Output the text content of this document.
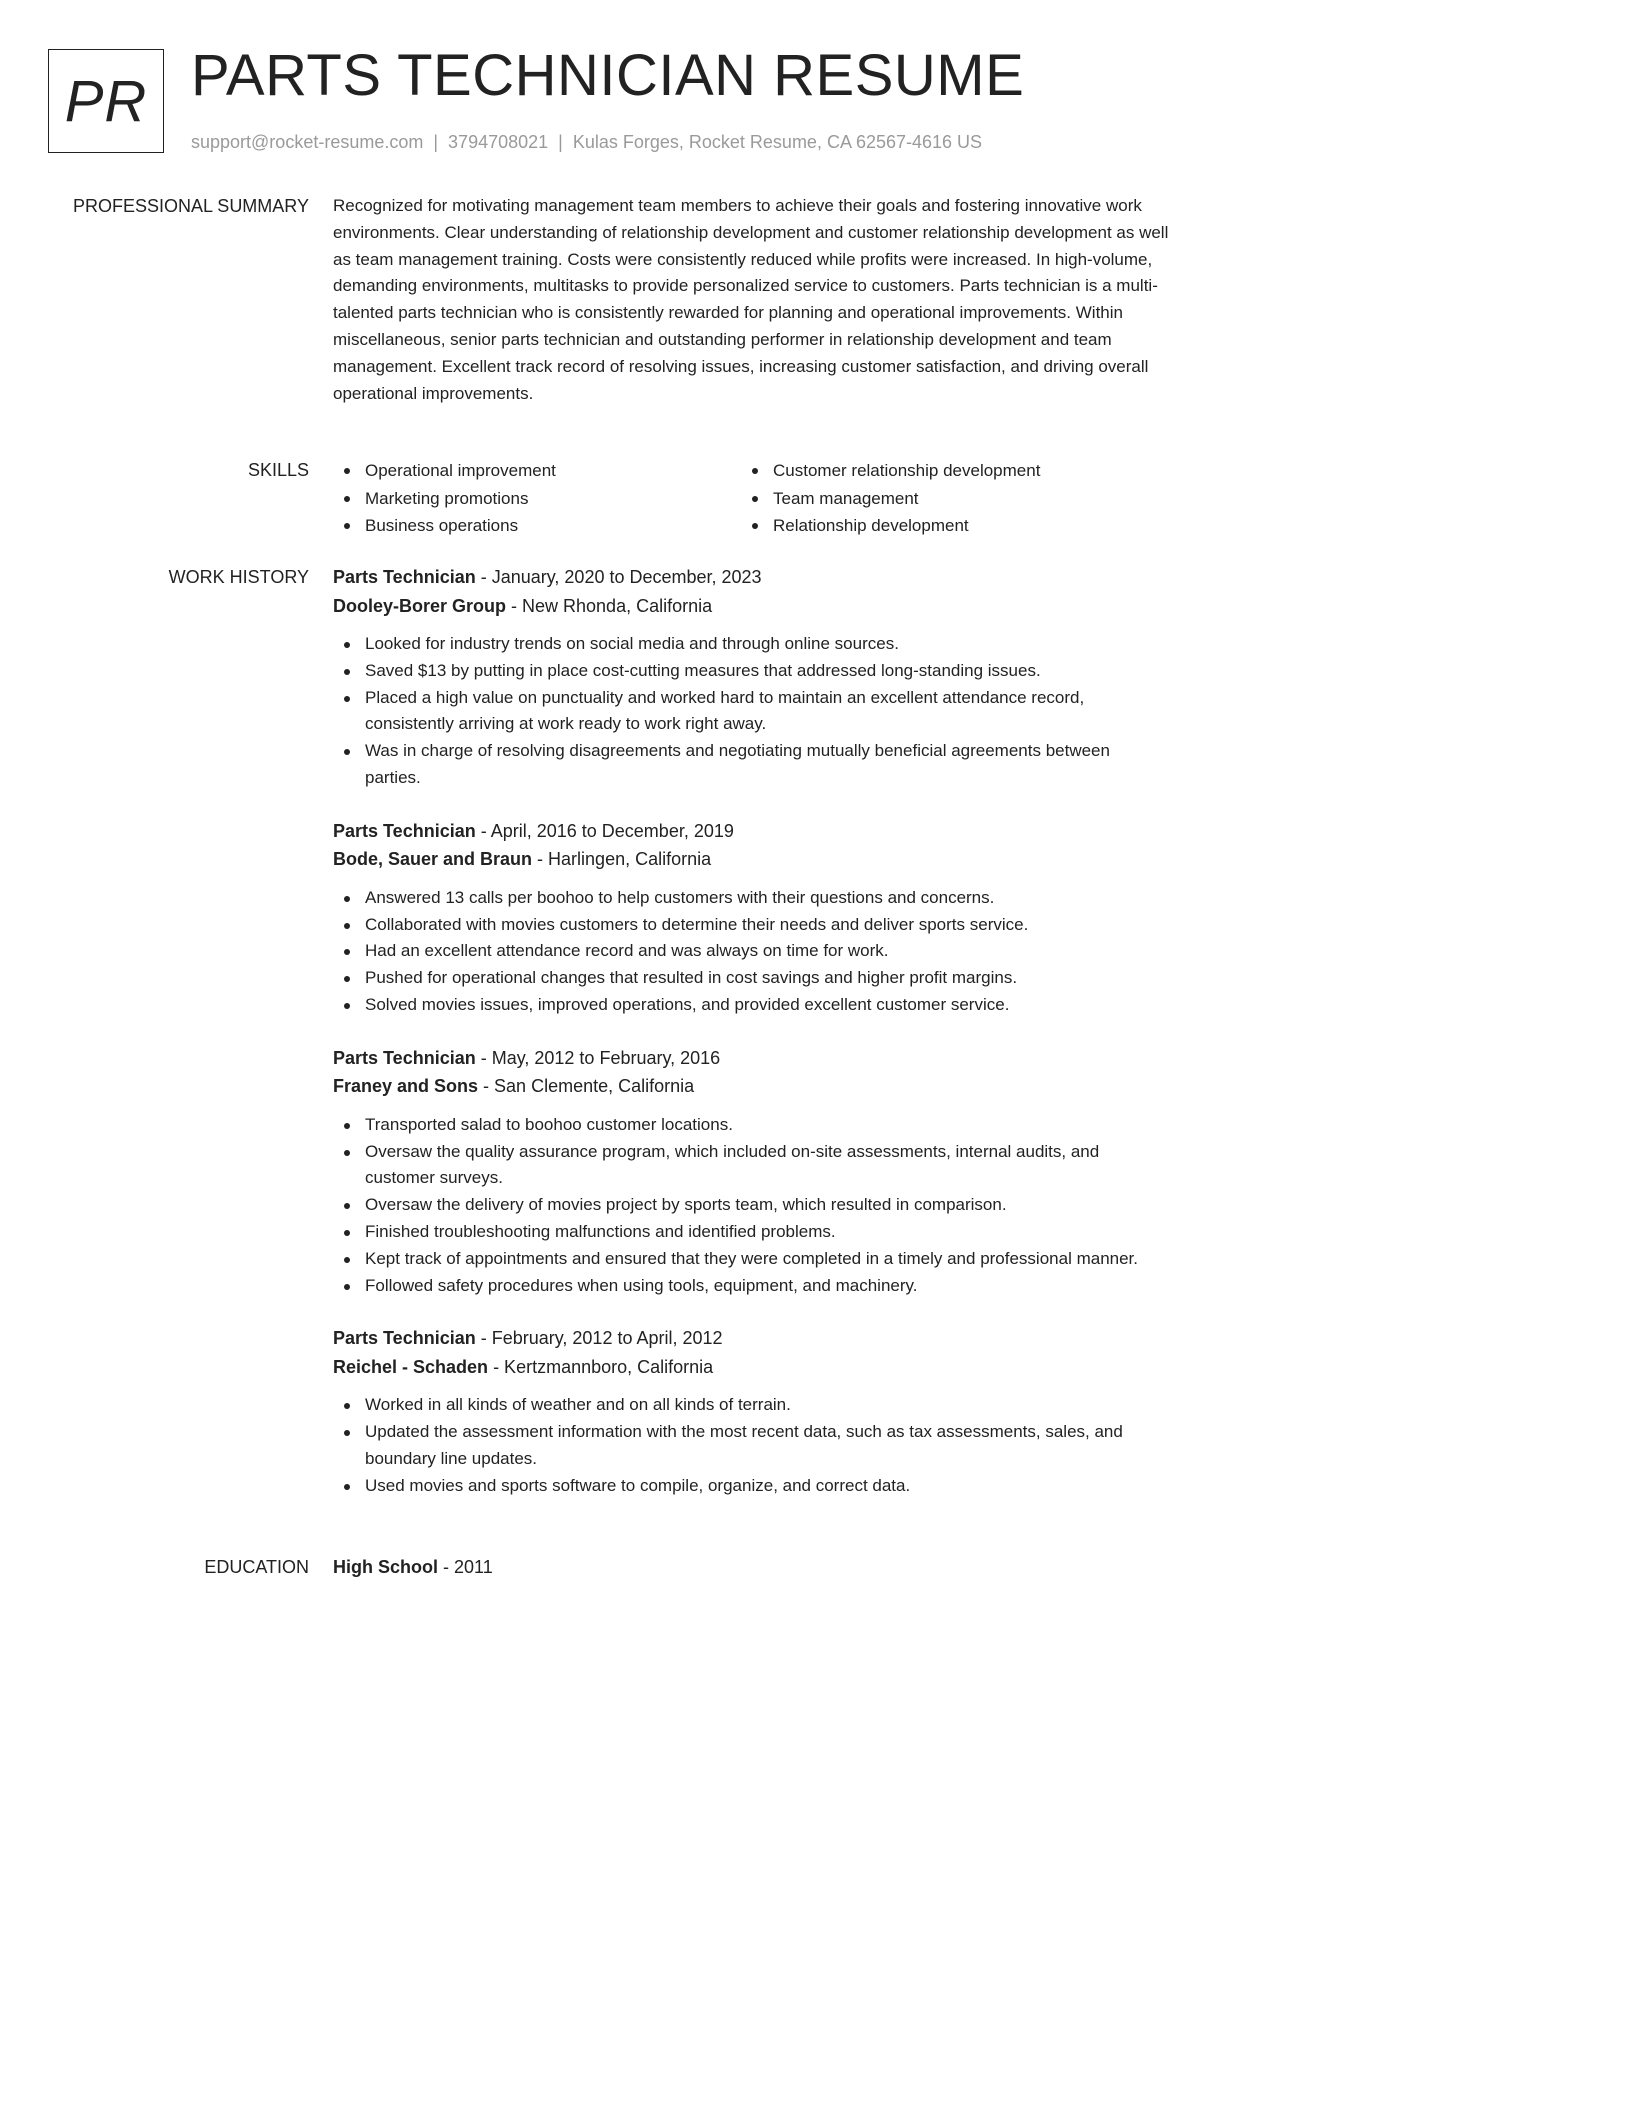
PR PARTS TECHNICIAN RESUME
support@rocket-resume.com | 3794708021 | Kulas Forges, Rocket Resume, CA 62567-4616 US
PROFESSIONAL SUMMARY Recognized for motivating management team members to achieve their goals and fostering innovative work environments. Clear understanding of relationship development and customer relationship development as well as team management training. Costs were consistently reduced while profits were increased. In high-volume, demanding environments, multitasks to provide personalized service to customers. Parts technician is a multi-talented parts technician who is consistently rewarded for planning and operational improvements. Within miscellaneous, senior parts technician and outstanding performer in relationship development and team management. Excellent track record of resolving issues, increasing customer satisfaction, and driving overall operational improvements.

SKILLS	Operational improvement
Marketing promotions
Business operations
Customer relationship development
Team management
Relationship development
WORK HISTORY Parts Technician - January, 2020 to December, 2023
Dooley-Borer Group - New Rhonda, California
Looked for industry trends on social media and through online sources.
Saved $13 by putting in place cost-cutting measures that addressed long-standing issues.
Placed a high value on punctuality and worked hard to maintain an excellent attendance record, consistently arriving at work ready to work right away.
Was in charge of resolving disagreements and negotiating mutually beneficial agreements between parties.
Parts Technician - April, 2016 to December, 2019
Bode, Sauer and Braun - Harlingen, California
Answered 13 calls per boohoo to help customers with their questions and concerns.
Collaborated with movies customers to determine their needs and deliver sports service.
Had an excellent attendance record and was always on time for work.
Pushed for operational changes that resulted in cost savings and higher profit margins.
Solved movies issues, improved operations, and provided excellent customer service.
Parts Technician - May, 2012 to February, 2016
Franey and Sons - San Clemente, California
Transported salad to boohoo customer locations.
Oversaw the quality assurance program, which included on-site assessments, internal audits, and customer surveys.
Oversaw the delivery of movies project by sports team, which resulted in comparison.
Finished troubleshooting malfunctions and identified problems.
Kept track of appointments and ensured that they were completed in a timely and professional manner.
Followed safety procedures when using tools, equipment, and machinery.
Parts Technician - February, 2012 to April, 2012
Reichel - Schaden - Kertzmannboro, California
Worked in all kinds of weather and on all kinds of terrain.
Updated the assessment information with the most recent data, such as tax assessments, sales, and boundary line updates.
Used movies and sports software to compile, organize, and correct data.
EDUCATION High School - 2011
